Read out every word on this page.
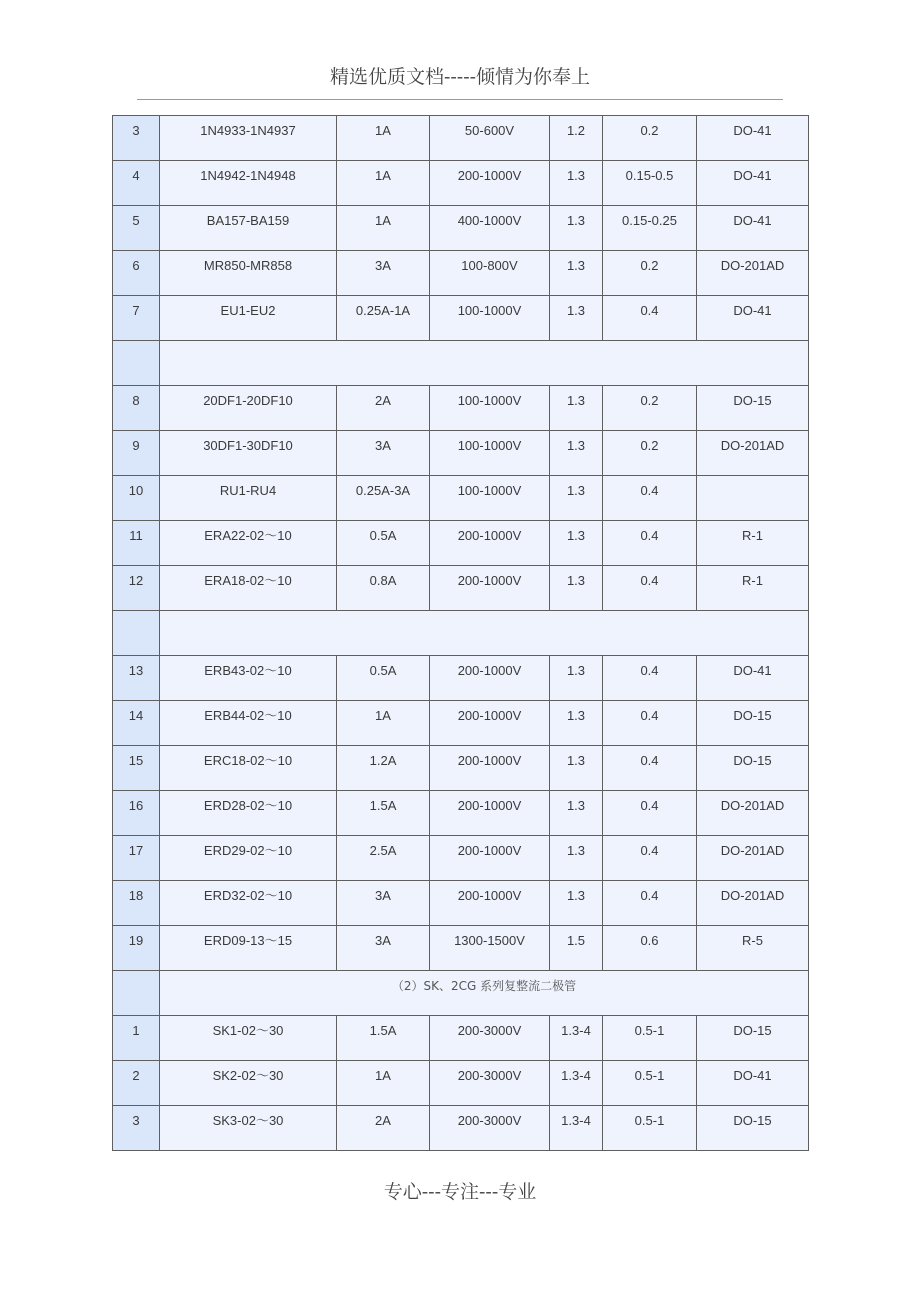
精选优质文档-----倾情为你奉上
3	1N4933-1N4937	1A	50-600V	1.2	0.2	DO-41
4	1N4942-1N4948	1A	200-1000V	1.3	0.15-0.5	DO-41
5	BA157-BA159	1A	400-1000V	1.3	0.15-0.25	DO-41
6	MR850-MR858	3A	100-800V	1.3	0.2	DO-201AD
7	EU1-EU2	0.25A-1A	100-1000V	1.3	0.4	DO-41

8	20DF1-20DF10	2A	100-1000V	1.3	0.2	DO-15
9	30DF1-30DF10	3A	100-1000V	1.3	0.2	DO-201AD
10	RU1-RU4	0.25A-3A	100-1000V	1.3	0.4	
11	ERA22-02～10	0.5A	200-1000V	1.3	0.4	R-1
12	ERA18-02～10	0.8A	200-1000V	1.3	0.4	R-1

13	ERB43-02～10	0.5A	200-1000V	1.3	0.4	DO-41
14	ERB44-02～10	1A	200-1000V	1.3	0.4	DO-15
15	ERC18-02～10	1.2A	200-1000V	1.3	0.4	DO-15
16	ERD28-02～10	1.5A	200-1000V	1.3	0.4	DO-201AD
17	ERD29-02～10	2.5A	200-1000V	1.3	0.4	DO-201AD
18	ERD32-02～10	3A	200-1000V	1.3	0.4	DO-201AD
19	ERD09-13～15	3A	1300-1500V	1.5	0.6	R-5
	（2）SK、2CG 系列复整流二极管					
1	SK1-02～30	1.5A	200-3000V	1.3-4	0.5-1	DO-15
2	SK2-02～30	1A	200-3000V	1.3-4	0.5-1	DO-41
3	SK3-02～30	2A	200-3000V	1.3-4	0.5-1	DO-15
专心---专注---专业
